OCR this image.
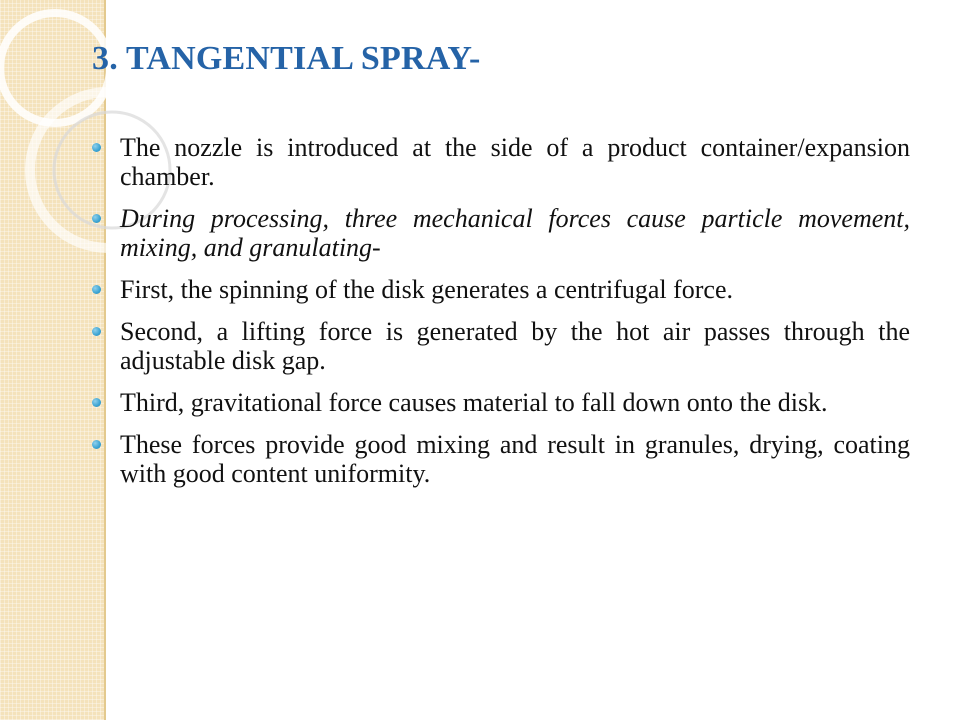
3. TANGENTIAL SPRAY-
The nozzle is introduced at the side of a product container/expansion chamber.
During processing, three mechanical forces cause particle movement, mixing, and granulating-
First, the spinning of the disk generates a centrifugal force.
Second, a lifting force is generated by the hot air passes through the adjustable disk gap.
Third, gravitational force causes material to fall down onto the disk.
These forces provide good mixing and result in granules, drying, coating with good content uniformity.
